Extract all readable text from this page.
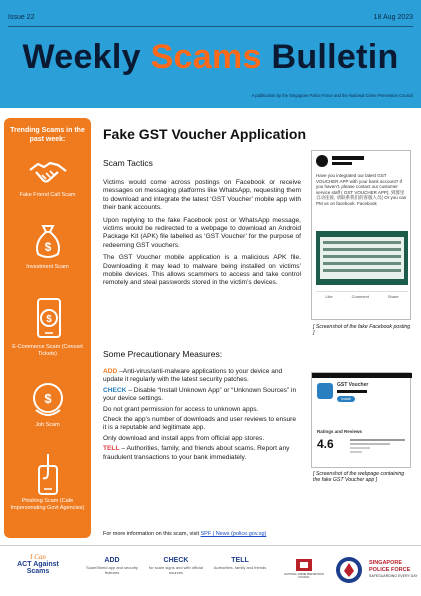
Issue 22	18 Aug 2023
Weekly Scams Bulletin
A publication by the Singapore Police Force and the National Crime Prevention Council
Trending Scams in the past week:
Fake Friend Call Scam
$
Investment Scam
$
E-Commerce Scam (Concert Tickets)
$
Job Scam
Phishing Scam (Cafe Impersonating Govt Agencies)
Fake GST Voucher Application
Scam Tactics

Victims would come across postings on Facebook or receive messages on messaging platforms like WhatsApp, requesting them to download and integrate the latest ‘GST Voucher’ mobile app with their bank accounts.

Upon replying to the fake Facebook post or WhatsApp message, victims would be redirected to a webpage to download an Android Package Kit (APK) file labelled as ‘GST Voucher’ for the purpose of redeeming GST vouchers.

The GST Voucher mobile application is a malicious APK file. Downloading it may lead to malware being installed on victims’ mobile devices. This allows scammers to access and take control remotely and steal passwords stored in the victim’s devices.

Some Precautionary Measures:

ADD –Anti-virus/anti-malware applications to your device and update it regularly with the latest security patches.

CHECK – Disable “Install Unknown App” or “Unknown Sources” in your device settings.

Do not grant permission for access to unknown apps.

Check the app’s number of downloads and user reviews to ensure it is a reputable and legitimate app.

Only download and install apps from official app stores.

TELL – Authorities, family, and friends about scams. Report any fraudulent transactions to your bank immediately.

For more information on this scam, visit SPF | News (police.gov.sg)
Have you integrated our latest GST VOUCHER APP with your bank account? If you haven't, please contact our customer service staff ( GST VOUCHER APP), 到群里自动连接, 请联系我们的客服人员( Or you can PM us on facebook. Facebook
Like	Comment	Share
[ Screenshot of the fake Facebook posting ]
GST Voucher
Install
Ratings and Reviews
4.6
[ Screenshot of the webpage containing the fake GST Voucher app ]
I Can
ACT Against Scams
ADD
ScamShield app and security features
CHECK
for scam signs and with official sources
TELL
Authorities, family and friends
NATIONAL CRIME PREVENTION COUNCIL
SINGAPORE
POLICE FORCE
SAFEGUARDING EVERY DAY
